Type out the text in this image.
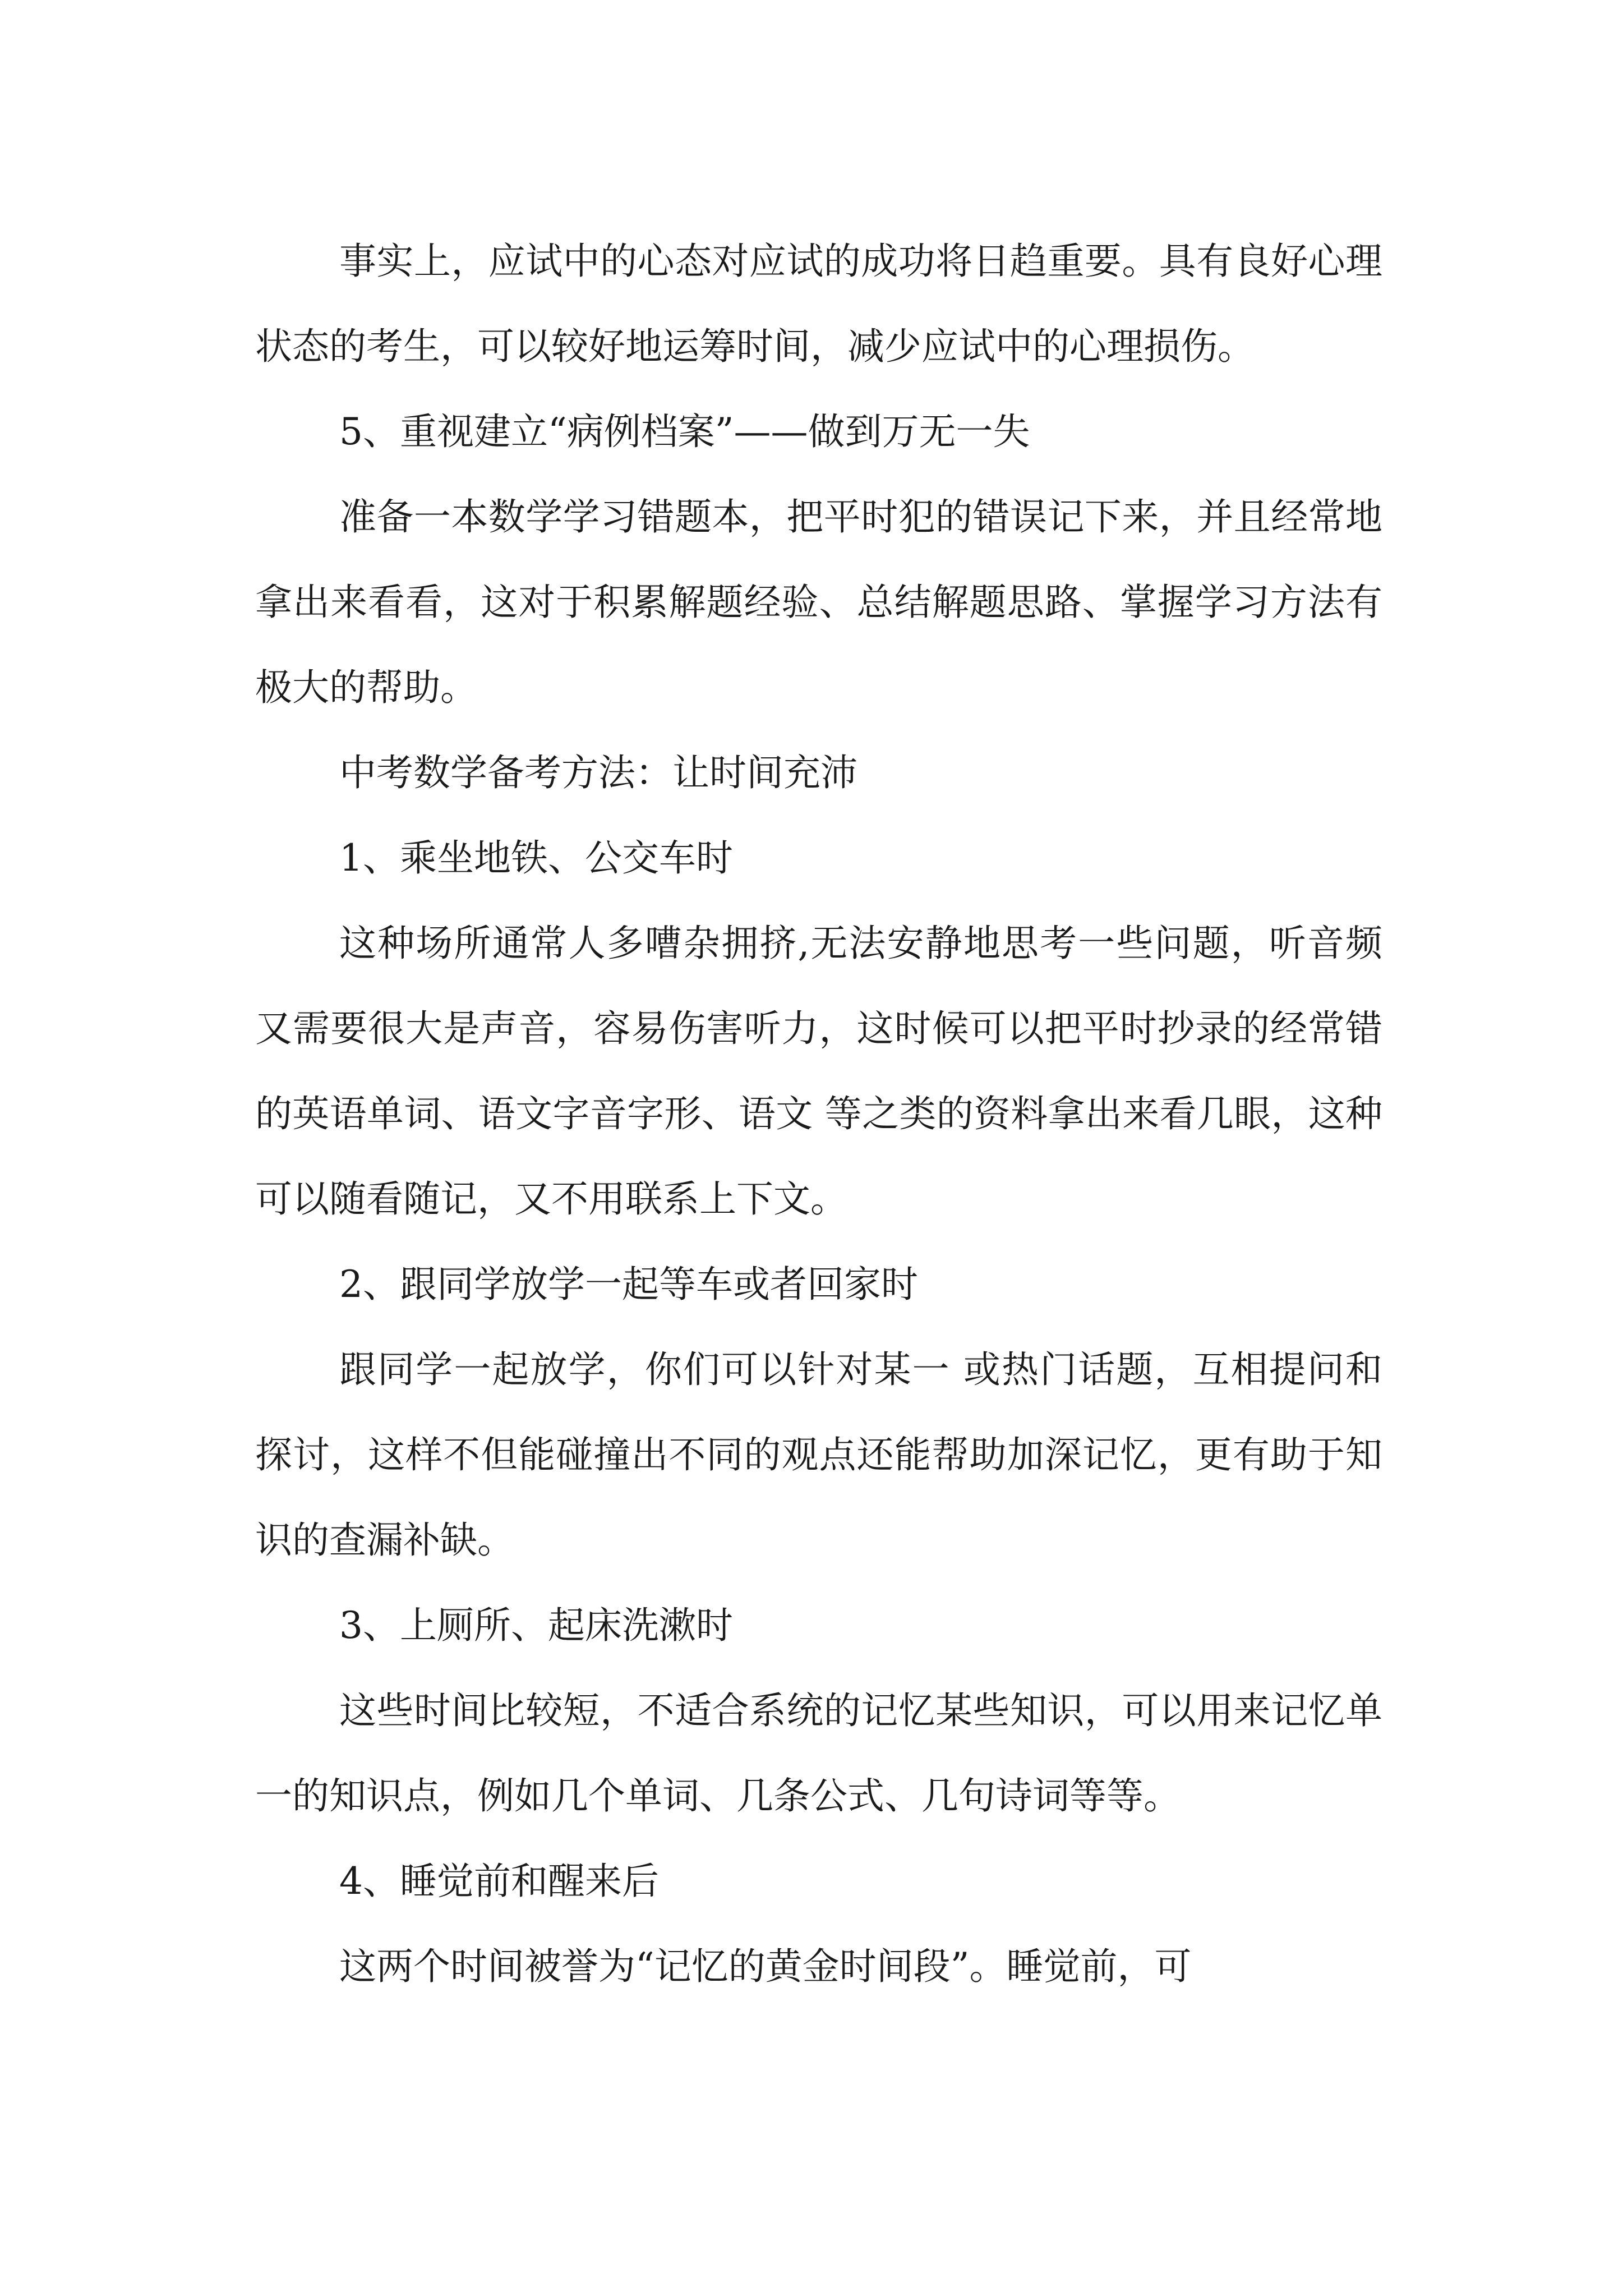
事实上，应试中的心态对应试的成功将日趋重要。具有良好心理状态的考生，可以较好地运筹时间，减少应试中的心理损伤。

5、重视建立“病例档案”——做到万无一失

准备一本数学学习错题本，把平时犯的错误记下来，并且经常地拿出来看看，这对于积累解题经验、总结解题思路、掌握学习方法有极大的帮助。

中考数学备考方法：让时间充沛

1、乘坐地铁、公交车时

这种场所通常人多嘈杂拥挤,无法安静地思考一些问题，听音频又需要很大是声音，容易伤害听力，这时候可以把平时抄录的经常错的英语单词、语文字音字形、语文 等之类的资料拿出来看几眼，这种可以随看随记，又不用联系上下文。

2、跟同学放学一起等车或者回家时

跟同学一起放学，你们可以针对某一 或热门话题，互相提问和探讨，这样不但能碰撞出不同的观点还能帮助加深记忆，更有助于知识的查漏补缺。

3、上厕所、起床洗漱时

这些时间比较短，不适合系统的记忆某些知识，可以用来记忆单一的知识点，例如几个单词、几条公式、几句诗词等等。

4、睡觉前和醒来后

这两个时间被誉为“记忆的黄金时间段”。睡觉前，可
